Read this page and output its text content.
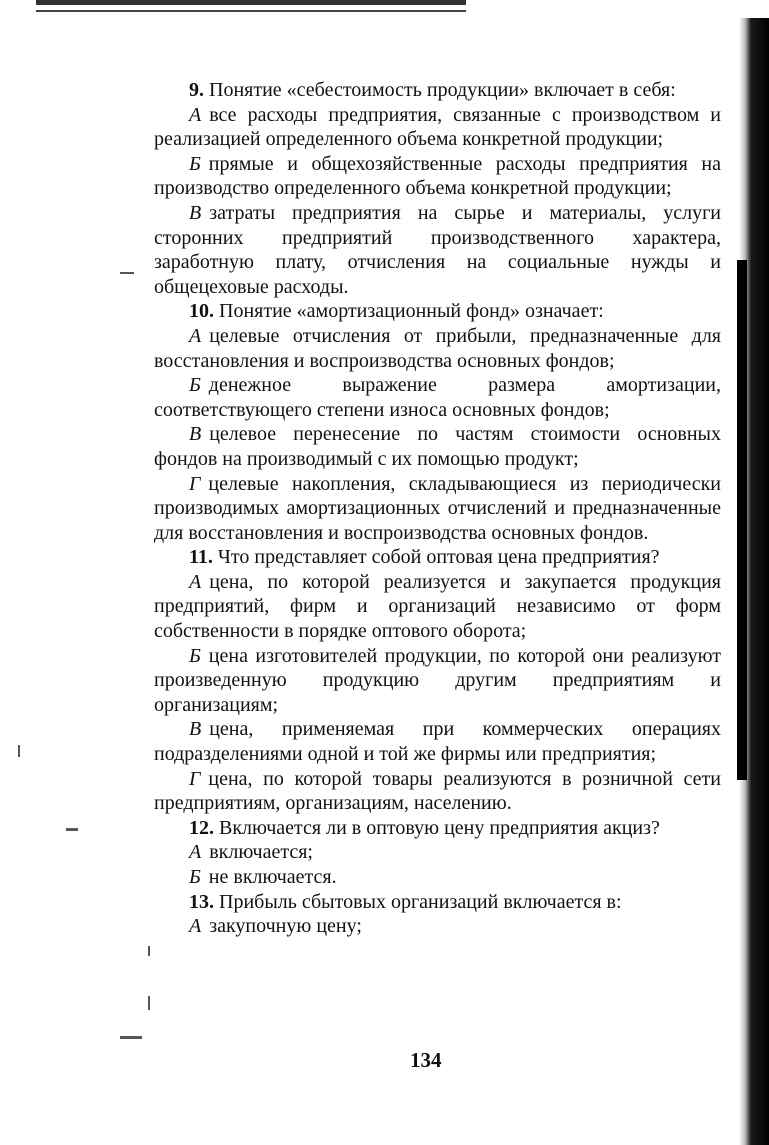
9. Понятие «себестоимость продукции» включает в себя:

А все расходы предприятия, связанные с производством и реализацией определенного объема конкретной продукции;

Б прямые и общехозяйственные расходы предприятия на производство определенного объема конкретной продукции;

В затраты предприятия на сырье и материалы, услуги сторонних предприятий производственного характера, заработную плату, отчисления на социальные нужды и общецеховые расходы.

10. Понятие «амортизационный фонд» означает:

А целевые отчисления от прибыли, предназначенные для восстановления и воспроизводства основных фондов;

Б денежное выражение размера амортизации, соответствующего степени износа основных фондов;

В целевое перенесение по частям стоимости основных фондов на производимый с их помощью продукт;

Г целевые накопления, складывающиеся из периодически производимых амортизационных отчислений и предназначенные для восстановления и воспроизводства основных фондов.

11. Что представляет собой оптовая цена предприятия?

А цена, по которой реализуется и закупается продукция предприятий, фирм и организаций независимо от форм собственности в порядке оптового оборота;

Б цена изготовителей продукции, по которой они реализуют произведенную продукцию другим предприятиям и организациям;

В цена, применяемая при коммерческих операциях подразделениями одной и той же фирмы или предприятия;

Г цена, по которой товары реализуются в розничной сети предприятиям, организациям, населению.

12. Включается ли в оптовую цену предприятия акциз?

А включается;

Б не включается.

13. Прибыль сбытовых организаций включается в:

А закупочную цену;

134
